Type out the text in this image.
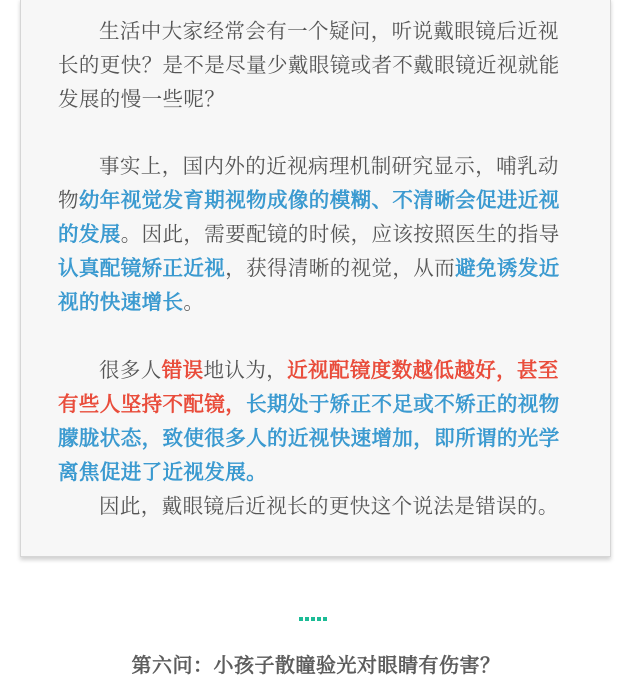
生活中大家经常会有一个疑问，听说戴眼镜后近视长的更快？是不是尽量少戴眼镜或者不戴眼镜近视就能发展的慢一些呢？

事实上，国内外的近视病理机制研究显示，哺乳动物幼年视觉发育期视物成像的模糊、不清晰会促进近视的发展。因此，需要配镜的时候，应该按照医生的指导认真配镜矫正近视，获得清晰的视觉，从而避免诱发近视的快速增长。

很多人错误地认为，近视配镜度数越低越好，甚至有些人坚持不配镜，长期处于矫正不足或不矫正的视物朦胧状态，致使很多人的近视快速增加，即所谓的光学离焦促进了近视发展。

因此，戴眼镜后近视长的更快这个说法是错误的。

第六问：小孩子散瞳验光对眼睛有伤害？
